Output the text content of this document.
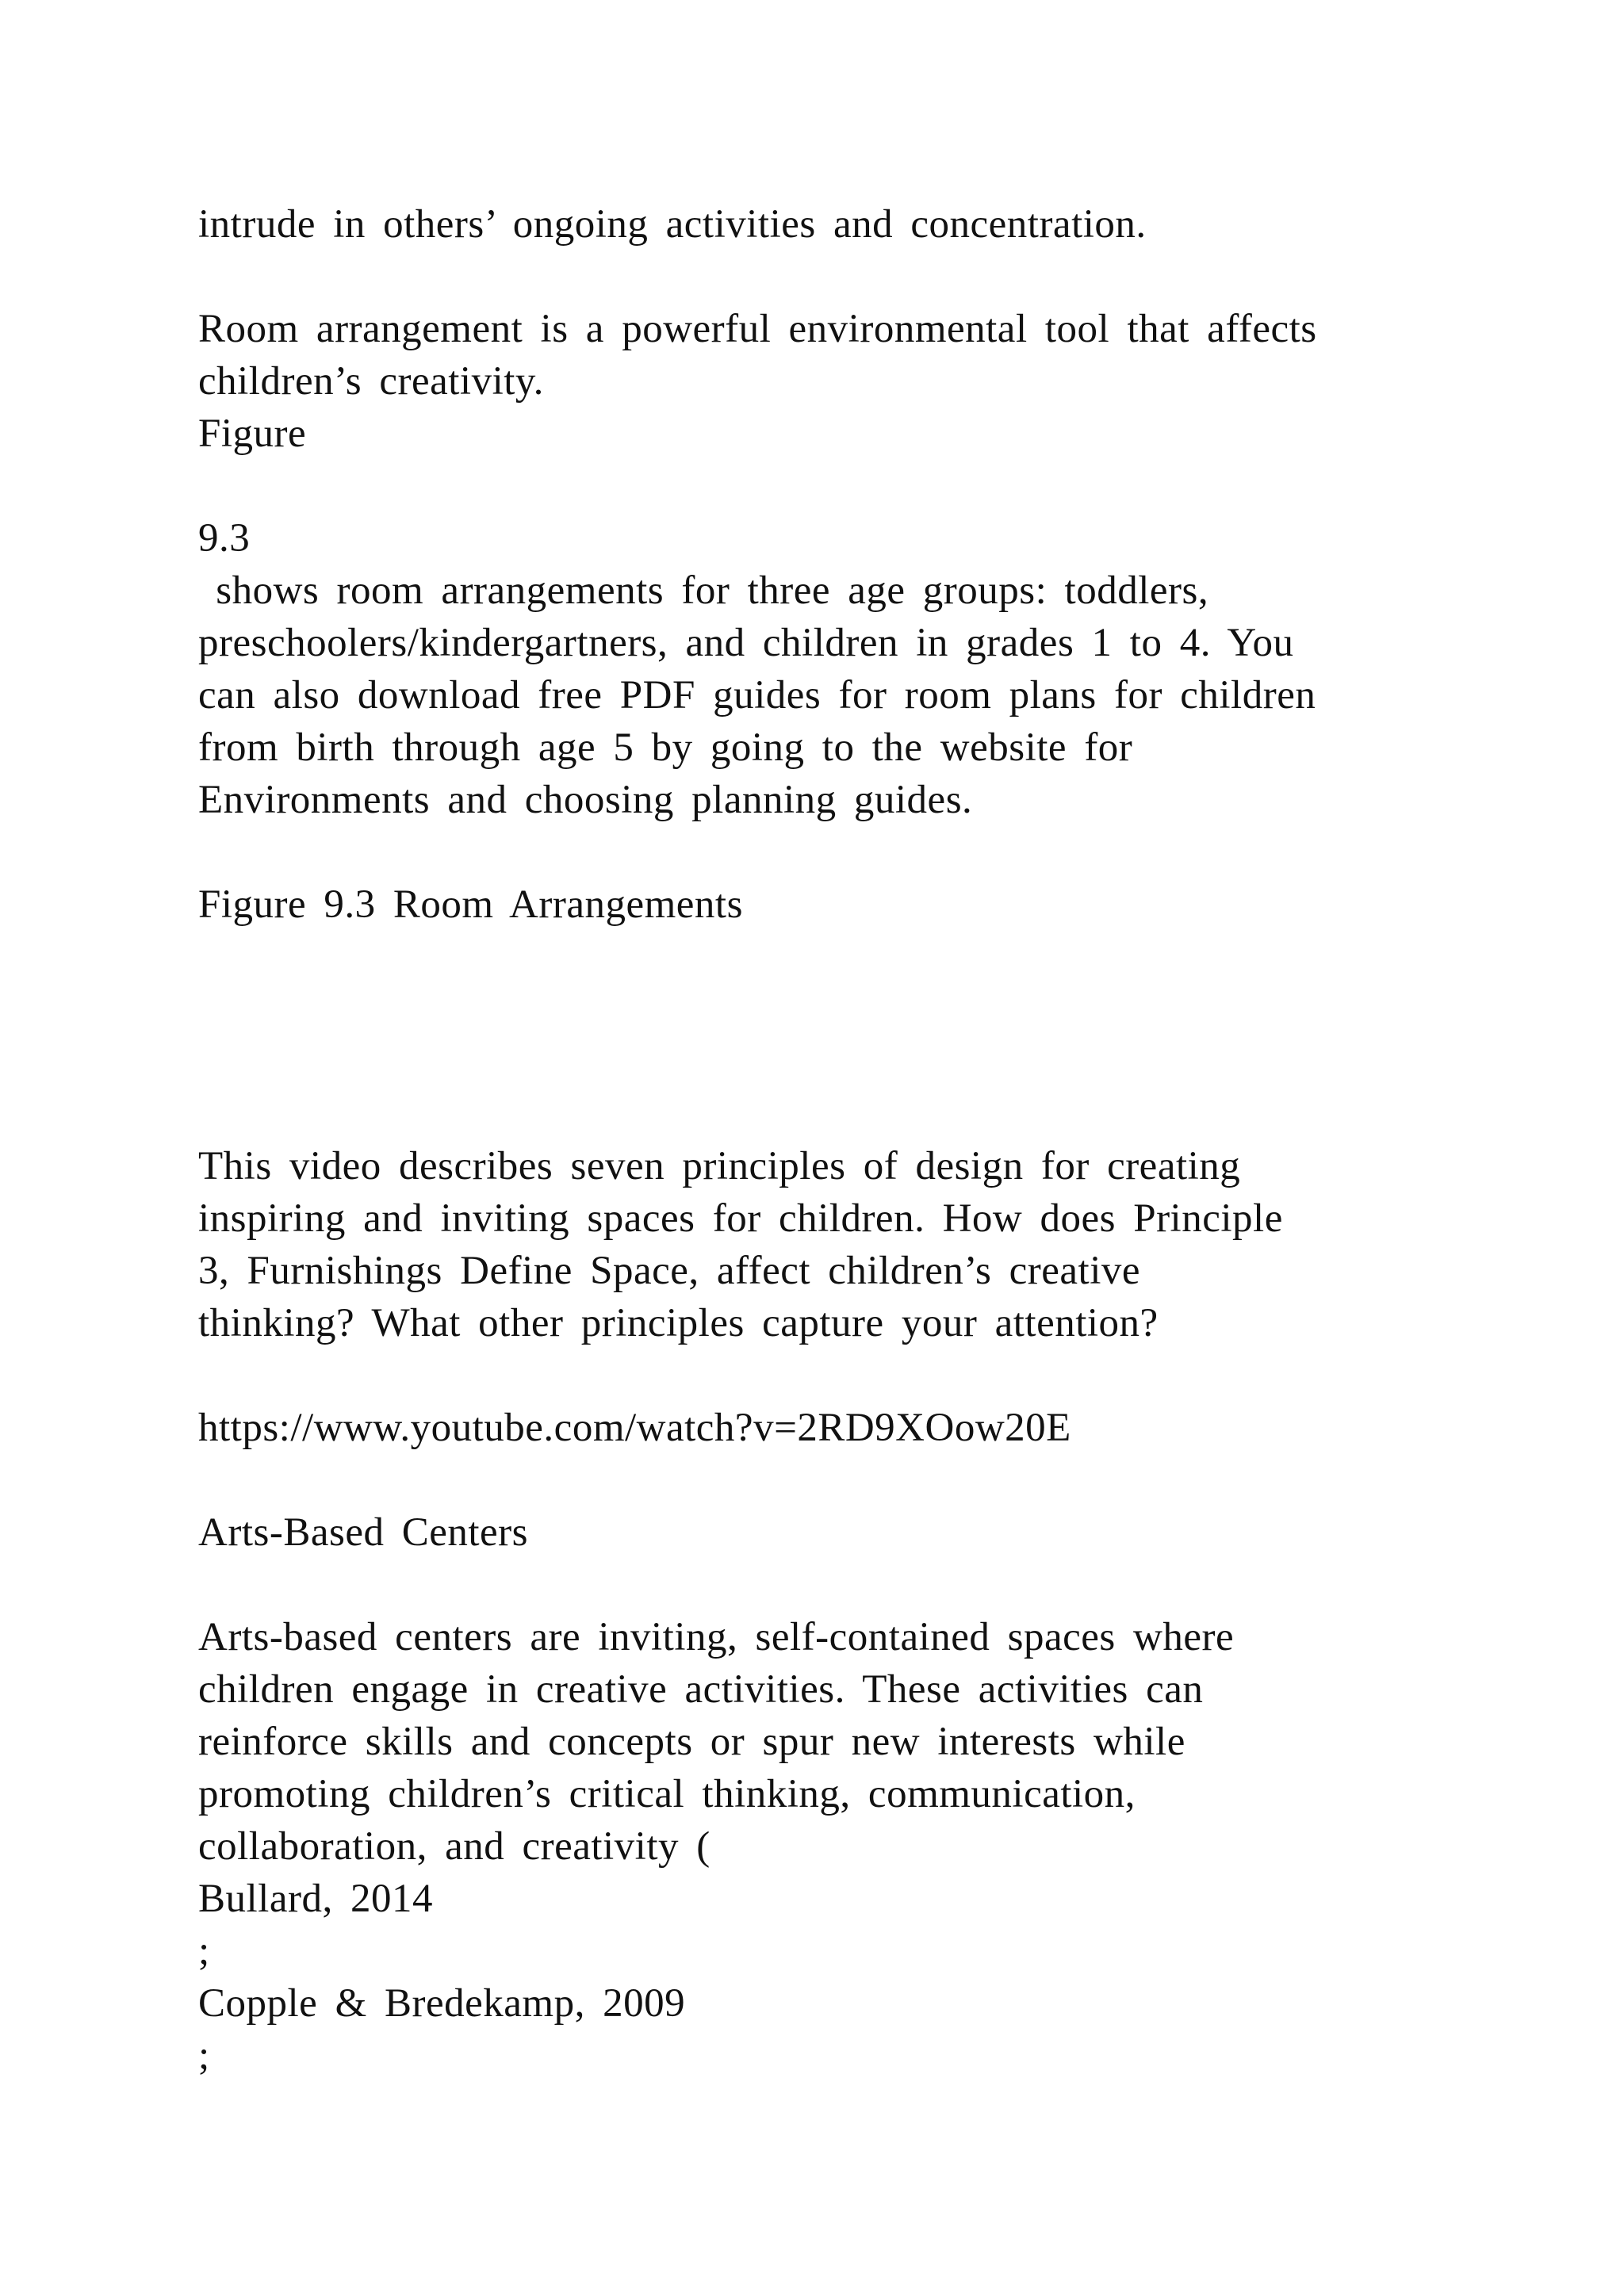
intrude in others’ ongoing activities and concentration.
Room arrangement is a powerful environmental tool that affects
children’s creativity.
Figure
9.3
shows room arrangements for three age groups: toddlers,
preschoolers/kindergartners, and children in grades 1 to 4. You
can also download free PDF guides for room plans for children
from birth through age 5 by going to the website for
Environments and choosing planning guides.
Figure 9.3 Room Arrangements
This video describes seven principles of design for creating
inspiring and inviting spaces for children. How does Principle
3, Furnishings Define Space, affect children’s creative
thinking? What other principles capture your attention?
https://www.youtube.com/watch?v=2RD9XOow20E
Arts-Based Centers
Arts-based centers are inviting, self-contained spaces where
children engage in creative activities. These activities can
reinforce skills and concepts or spur new interests while
promoting children’s critical thinking, communication,
collaboration, and creativity (
Bullard, 2014
;
Copple & Bredekamp, 2009
;
